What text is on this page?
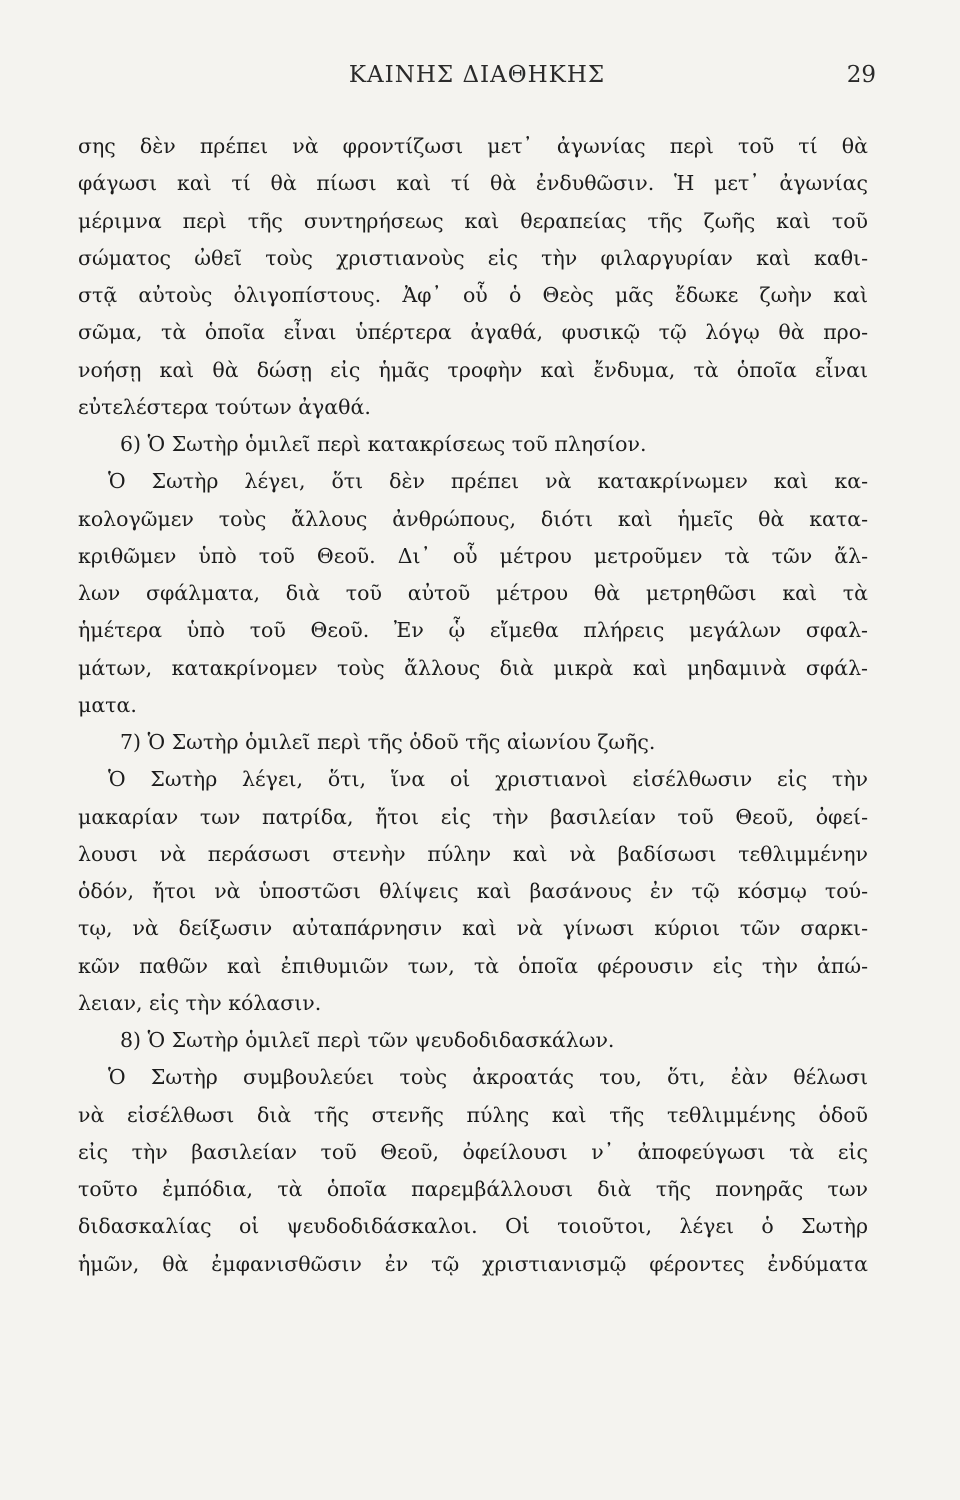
ΚΑΙΝΗΣ ΔΙΑΘΗΚΗΣ	29
σης δὲν πρέπει νὰ φροντίζωσι μετ᾿ ἀγωνίας περὶ τοῦ τί θὰ
φάγωσι καὶ τί θὰ πίωσι καὶ τί θὰ ἐνδυθῶσιν. Ἡ μετ᾿ ἀγωνίας
μέριμνα περὶ τῆς συντηρήσεως καὶ θεραπείας τῆς ζωῆς καὶ τοῦ
σώματος ὠθεῖ τοὺς χριστιανοὺς εἰς τὴν φιλαργυρίαν καὶ καθι-
στᾷ αὐτοὺς ὀλιγοπίστους. Ἀφ᾿ οὗ ὁ Θεὸς μᾶς ἔδωκε ζωὴν καὶ
σῶμα, τὰ ὁποῖα εἶναι ὑπέρτερα ἀγαθά, φυσικῷ τῷ λόγῳ θὰ προ-
νοήσῃ καὶ θὰ δώσῃ εἰς ἡμᾶς τροφὴν καὶ ἔνδυμα, τὰ ὁποῖα εἶναι
εὐτελέστερα τούτων ἀγαθά.
6) Ὁ Σωτὴρ ὁμιλεῖ περὶ κατακρίσεως τοῦ πλησίον.
Ὁ Σωτὴρ λέγει, ὅτι δὲν πρέπει νὰ κατακρίνωμεν καὶ κα-
κολογῶμεν τοὺς ἄλλους ἀνθρώπους, διότι καὶ ἡμεῖς θὰ κατα-
κριθῶμεν ὑπὸ τοῦ Θεοῦ. Δι᾿ οὗ μέτρου μετροῦμεν τὰ τῶν ἄλ-
λων σφάλματα, διὰ τοῦ αὐτοῦ μέτρου θὰ μετρηθῶσι καὶ τὰ
ἡμέτερα ὑπὸ τοῦ Θεοῦ. Ἐν ᾧ εἴμεθα πλήρεις μεγάλων σφαλ-
μάτων, κατακρίνομεν τοὺς ἄλλους διὰ μικρὰ καὶ μηδαμινὰ σφάλ-
ματα.
7) Ὁ Σωτὴρ ὁμιλεῖ περὶ τῆς ὁδοῦ τῆς αἰωνίου ζωῆς.
Ὁ Σωτὴρ λέγει, ὅτι, ἵνα οἱ χριστιανοὶ εἰσέλθωσιν εἰς τὴν
μακαρίαν των πατρίδα, ἤτοι εἰς τὴν βασιλείαν τοῦ Θεοῦ, ὀφεί-
λουσι νὰ περάσωσι στενὴν πύλην καὶ νὰ βαδίσωσι τεθλιμμένην
ὁδόν, ἤτοι νὰ ὑποστῶσι θλίψεις καὶ βασάνους ἐν τῷ κόσμῳ τού-
τῳ, νὰ δείξωσιν αὐταπάρνησιν καὶ νὰ γίνωσι κύριοι τῶν σαρκι-
κῶν παθῶν καὶ ἐπιθυμιῶν των, τὰ ὁποῖα φέρουσιν εἰς τὴν ἀπώ-
λειαν, εἰς τὴν κόλασιν.
8) Ὁ Σωτὴρ ὁμιλεῖ περὶ τῶν ψευδοδιδασκάλων.
Ὁ Σωτὴρ συμβουλεύει τοὺς ἀκροατάς του, ὅτι, ἐὰν θέλωσι
νὰ εἰσέλθωσι διὰ τῆς στενῆς πύλης καὶ τῆς τεθλιμμένης ὁδοῦ
εἰς τὴν βασιλείαν τοῦ Θεοῦ, ὀφείλουσι ν᾿ ἀποφεύγωσι τὰ εἰς
τοῦτο ἐμπόδια, τὰ ὁποῖα παρεμβάλλουσι διὰ τῆς πονηρᾶς των
διδασκαλίας οἱ ψευδοδιδάσκαλοι. Οἱ τοιοῦτοι, λέγει ὁ Σωτὴρ
ἡμῶν, θὰ ἐμφανισθῶσιν ἐν τῷ χριστιανισμῷ φέροντες ἐνδύματα
